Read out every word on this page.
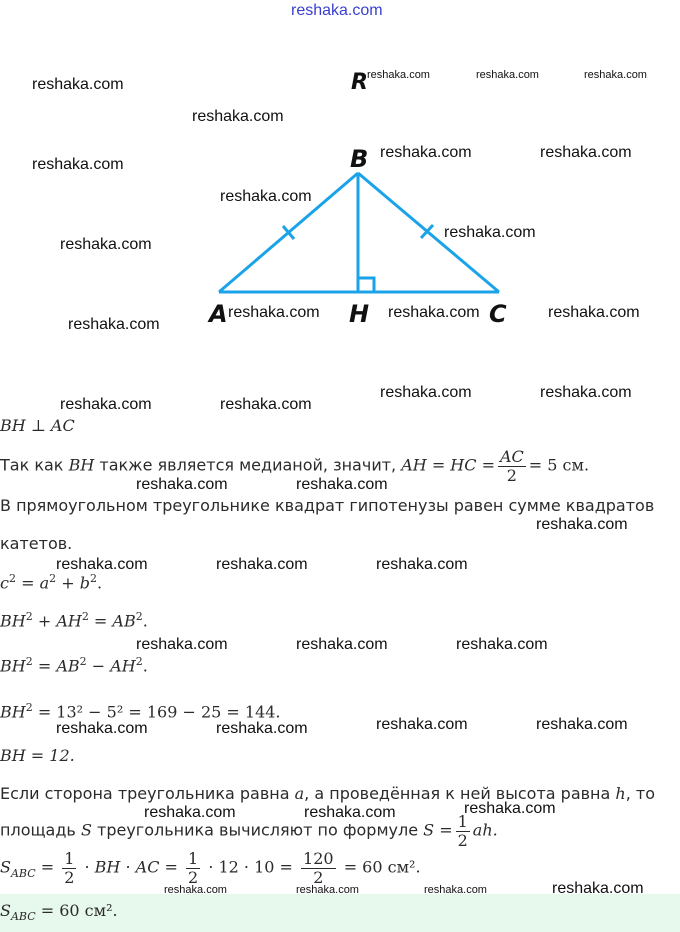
reshaka.com
R
B
A	H	C
BH ⊥ AC
Так как BH также является медианой, значит, AH = HC = $\frac{AC}{2} = 5$ см.
В прямоугольном треугольнике квадрат гипотенузы равен сумме квадратов
катетов.
$c^2 = a^2 + b^2$.
$BH^2 + AH^2 = AB^2$.
$BH^2 = AB^2 - AH^2$.
$BH^2 = 13^2 - 5^2 = 169 - 25 = 144$.
BH = 12.
Если сторона треугольника равна a, а проведённая к ней высота равна h, то
площадь S треугольника вычисляют по формуле $S = \frac{1}{2}$ ah.
$S_{ABC} = \frac{1}{2}$ · BH · AC = $\frac{1}{2} \cdot 12 \cdot 10 = \frac{120}{2} = 60$ см².
$S_{ABC} = 60$ см².
reshaka.com
reshaka.com	reshaka.com	reshaka.com
reshaka.com
reshaka.com
reshaka.com	reshaka.com
reshaka.com
reshaka.com
reshaka.com
reshaka.com	reshaka.com	reshaka.com
reshaka.com
reshaka.com	reshaka.com
reshaka.com	reshaka.com
reshaka.com	reshaka.com
reshaka.com
reshaka.com	reshaka.com	reshaka.com
reshaka.com	reshaka.com	reshaka.com
reshaka.com	reshaka.com
reshaka.com	reshaka.com
reshaka.com
reshaka.com	reshaka.com
reshaka.com	reshaka.com	reshaka.com	reshaka.com
